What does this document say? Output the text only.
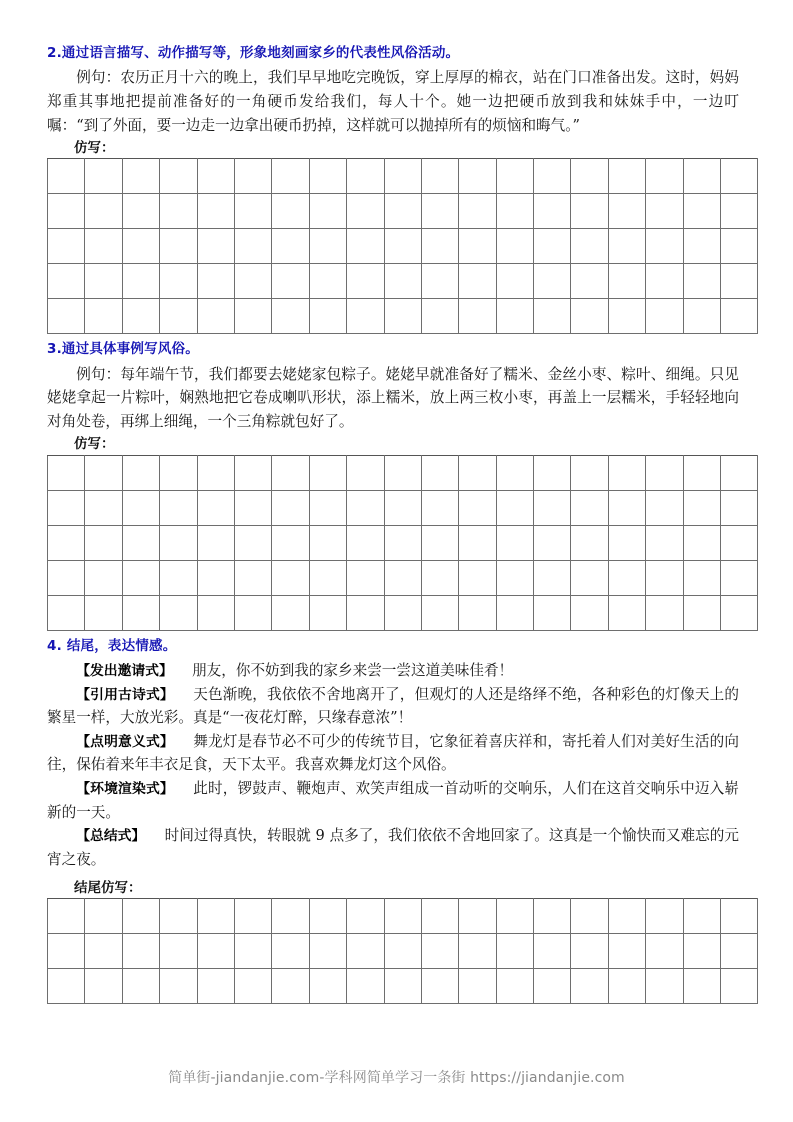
2.通过语言描写、动作描写等，形象地刻画家乡的代表性风俗活动。

例句：农历正月十六的晚上，我们早早地吃完晚饭，穿上厚厚的棉衣，站在门口准备出发。这时，妈妈郑重其事地把提前准备好的一角硬币发给我们，每人十个。她一边把硬币放到我和妹妹手中，一边叮嘱：“到了外面，要一边走一边拿出硬币扔掉，这样就可以抛掉所有的烦恼和晦气。”

仿写：

3.通过具体事例写风俗。

例句：每年端午节，我们都要去姥姥家包粽子。姥姥早就准备好了糯米、金丝小枣、粽叶、细绳。只见姥姥拿起一片粽叶，娴熟地把它卷成喇叭形状，添上糯米，放上两三枚小枣，再盖上一层糯米，手轻轻地向对角处卷，再绑上细绳，一个三角粽就包好了。

仿写：

4. 结尾，表达情感。

【发出邀请式】 朋友，你不妨到我的家乡来尝一尝这道美味佳肴！

【引用古诗式】 天色渐晚，我依依不舍地离开了，但观灯的人还是络绎不绝，各种彩色的灯像天上的繁星一样，大放光彩。真是“一夜花灯醉，只缘春意浓”！

【点明意义式】 舞龙灯是春节必不可少的传统节目，它象征着喜庆祥和，寄托着人们对美好生活的向往，保佑着来年丰衣足食，天下太平。我喜欢舞龙灯这个风俗。

【环境渲染式】 此时，锣鼓声、鞭炮声、欢笑声组成一首动听的交响乐，人们在这首交响乐中迈入崭新的一天。

【总结式】 时间过得真快，转眼就 9 点多了，我们依依不舍地回家了。这真是一个愉快而又难忘的元宵之夜。

结尾仿写：

简单街-jiandanjie.com-学科网简单学习一条街 https://jiandanjie.com
